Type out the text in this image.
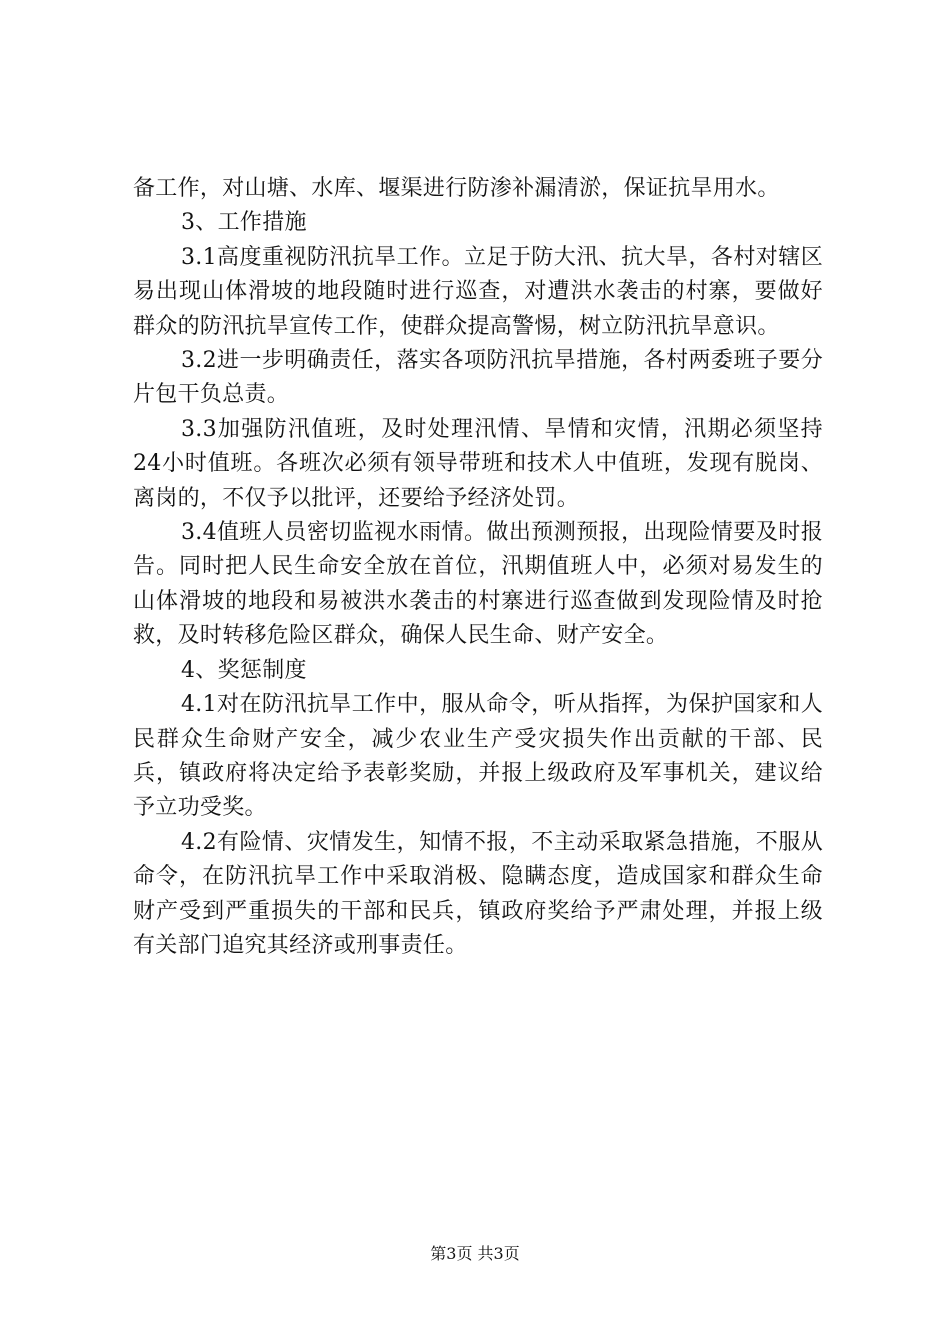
备工作，对山塘、水库、堰渠进行防渗补漏清淤，保证抗旱用水。

3、工作措施

3.1高度重视防汛抗旱工作。立足于防大汛、抗大旱，各村对辖区易出现山体滑坡的地段随时进行巡查，对遭洪水袭击的村寨，要做好群众的防汛抗旱宣传工作，使群众提高警惕，树立防汛抗旱意识。

3.2进一步明确责任，落实各项防汛抗旱措施，各村两委班子要分片包干负总责。

3.3加强防汛值班，及时处理汛情、旱情和灾情，汛期必须坚持24小时值班。各班次必须有领导带班和技术人中值班，发现有脱岗、离岗的，不仅予以批评，还要给予经济处罚。

3.4值班人员密切监视水雨情。做出预测预报，出现险情要及时报告。同时把人民生命安全放在首位，汛期值班人中，必须对易发生的山体滑坡的地段和易被洪水袭击的村寨进行巡查做到发现险情及时抢救，及时转移危险区群众，确保人民生命、财产安全。

4、奖惩制度

4.1对在防汛抗旱工作中，服从命令，听从指挥，为保护国家和人民群众生命财产安全，减少农业生产受灾损失作出贡献的干部、民兵，镇政府将决定给予表彰奖励，并报上级政府及军事机关，建议给予立功受奖。

4.2有险情、灾情发生，知情不报，不主动采取紧急措施，不服从命令，在防汛抗旱工作中采取消极、隐瞒态度，造成国家和群众生命财产受到严重损失的干部和民兵，镇政府奖给予严肃处理，并报上级有关部门追究其经济或刑事责任。

第3页 共3页
